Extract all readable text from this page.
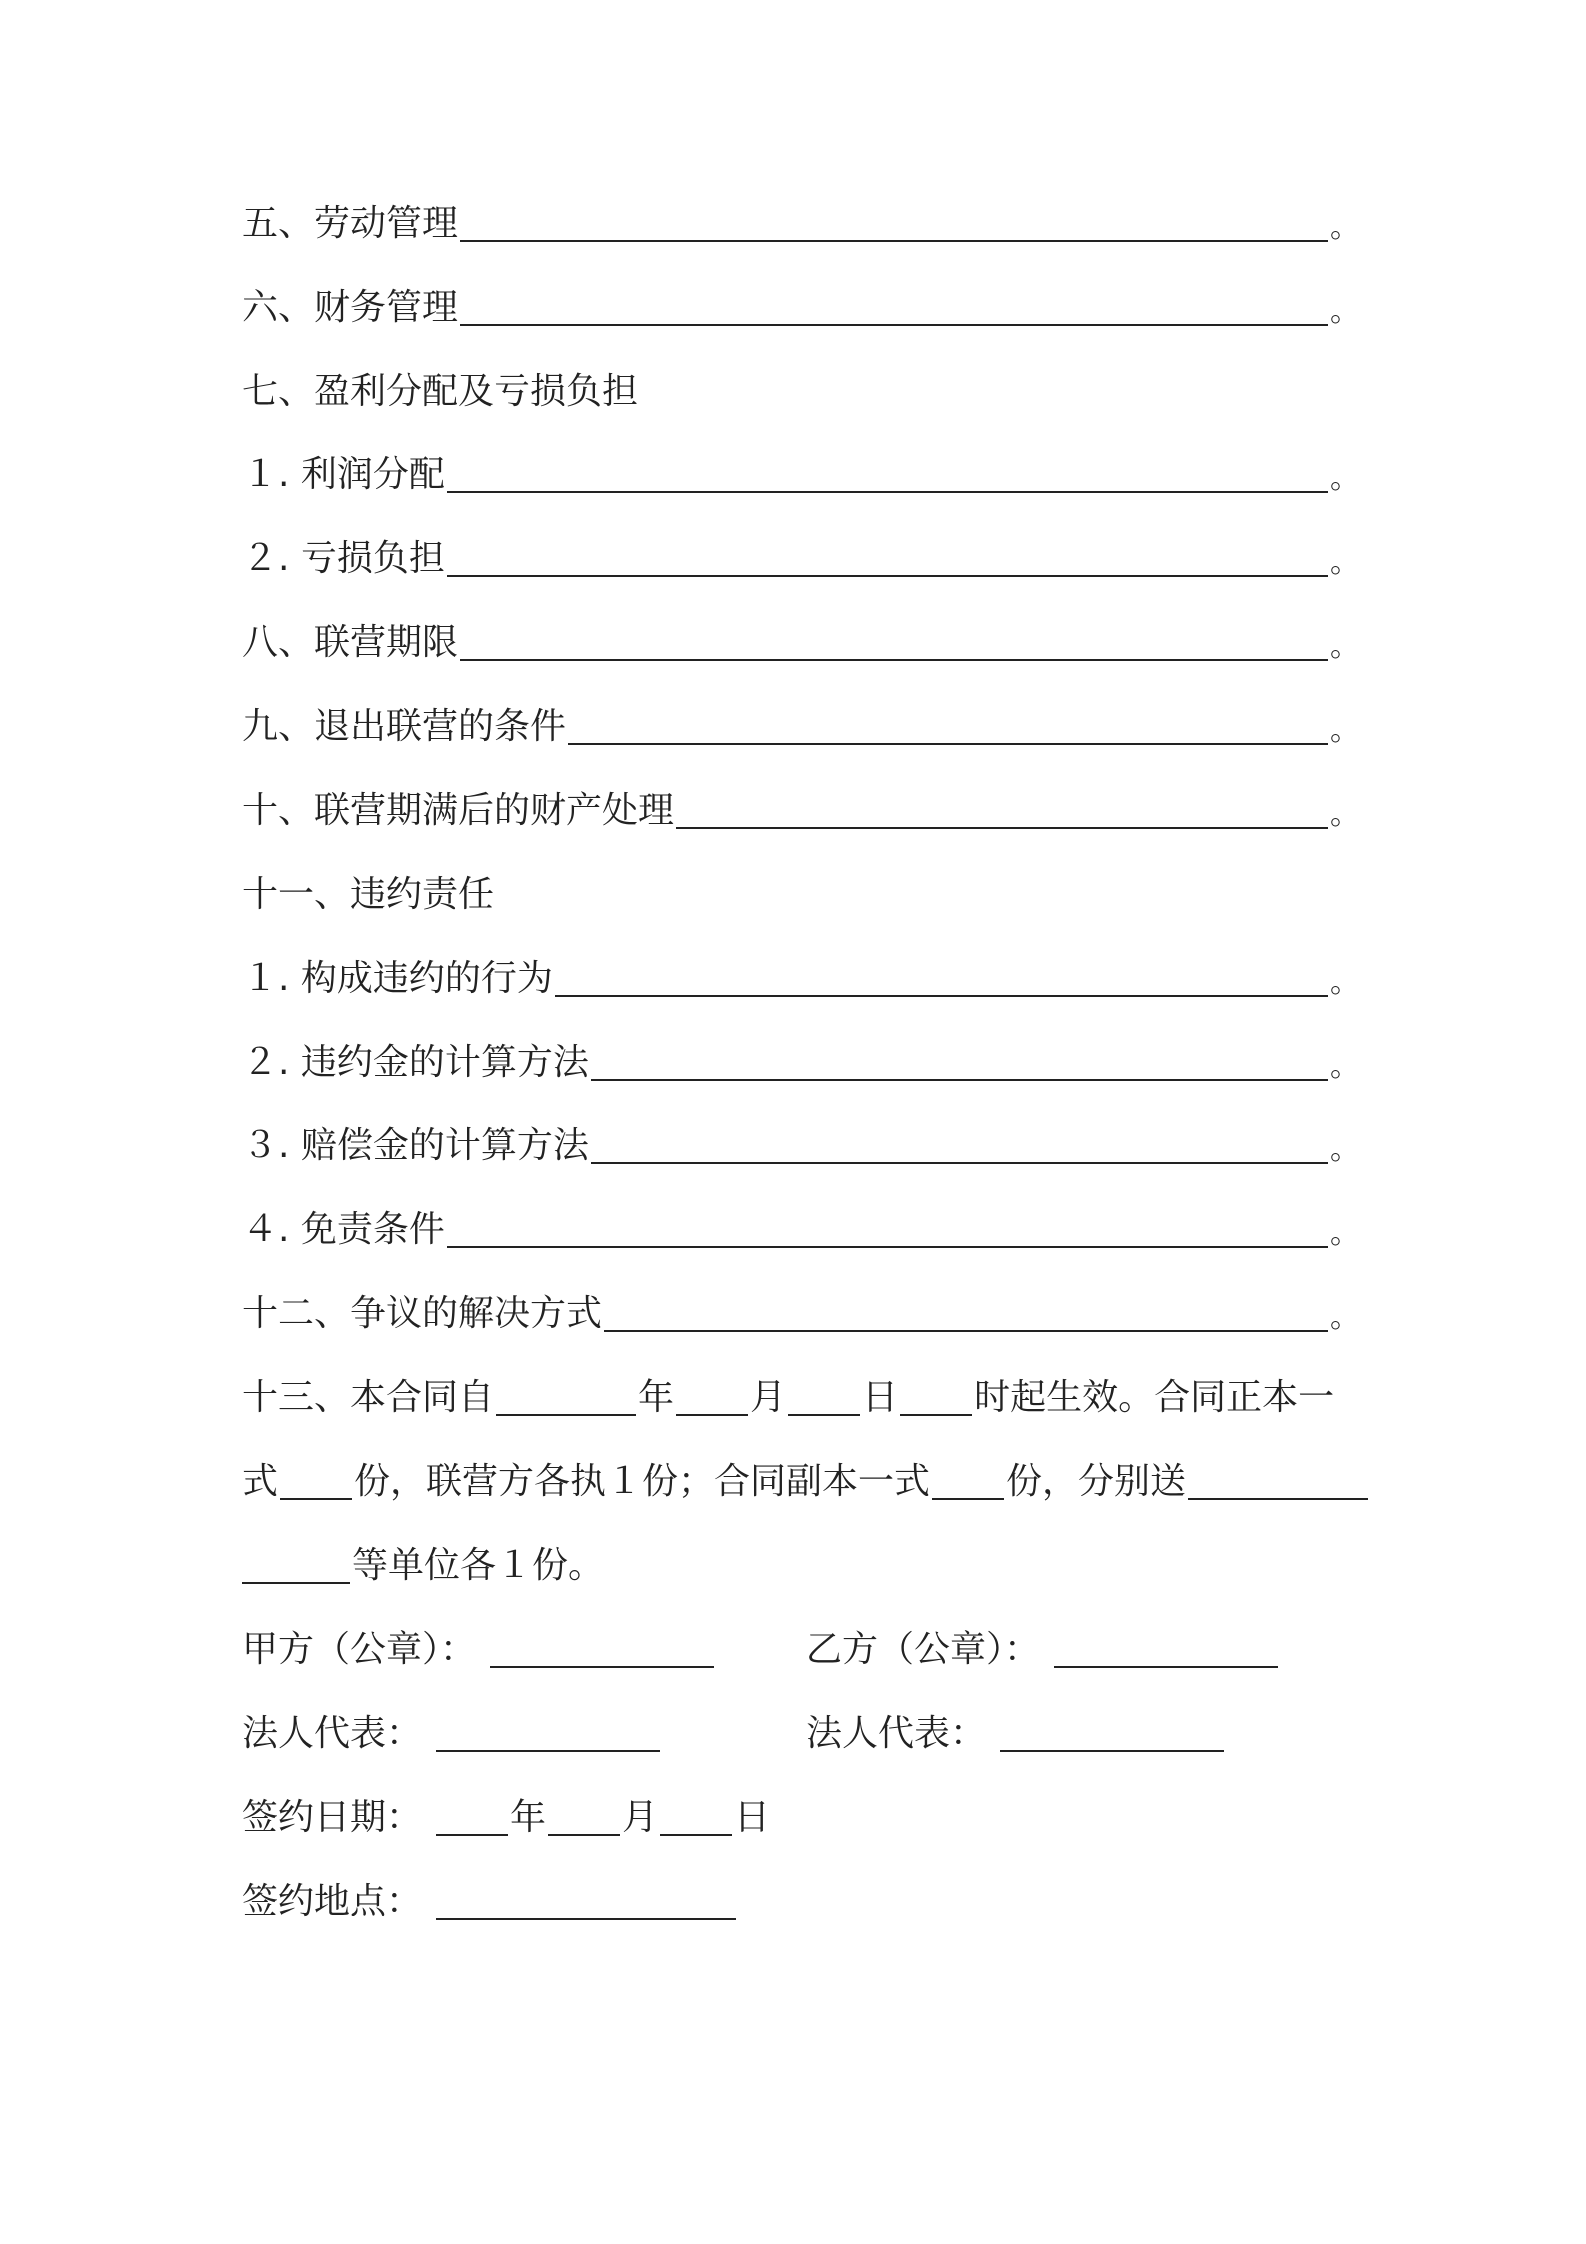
五、劳动管理	。
六、财务管理	。
七、盈利分配及亏损负担
１. 利润分配	。
２. 亏损负担	。
八、联营期限	。
九、退出联营的条件	。
十、联营期满后的财产处理	。
十一、违约责任
１. 构成违约的行为	。
２. 违约金的计算方法	。
３. 赔偿金的计算方法	。
４. 免责条件	。
十二、争议的解决方式	。
十三、本合同自	年 月 日 时起生效。合同正本一
式 份，联营方各执１份；合同副本一式 份，分别送
等单位各１份。
甲方（公章）：	乙方（公章）：
法人代表：	法人代表：
签约日期： 年 月 日
签约地点：
